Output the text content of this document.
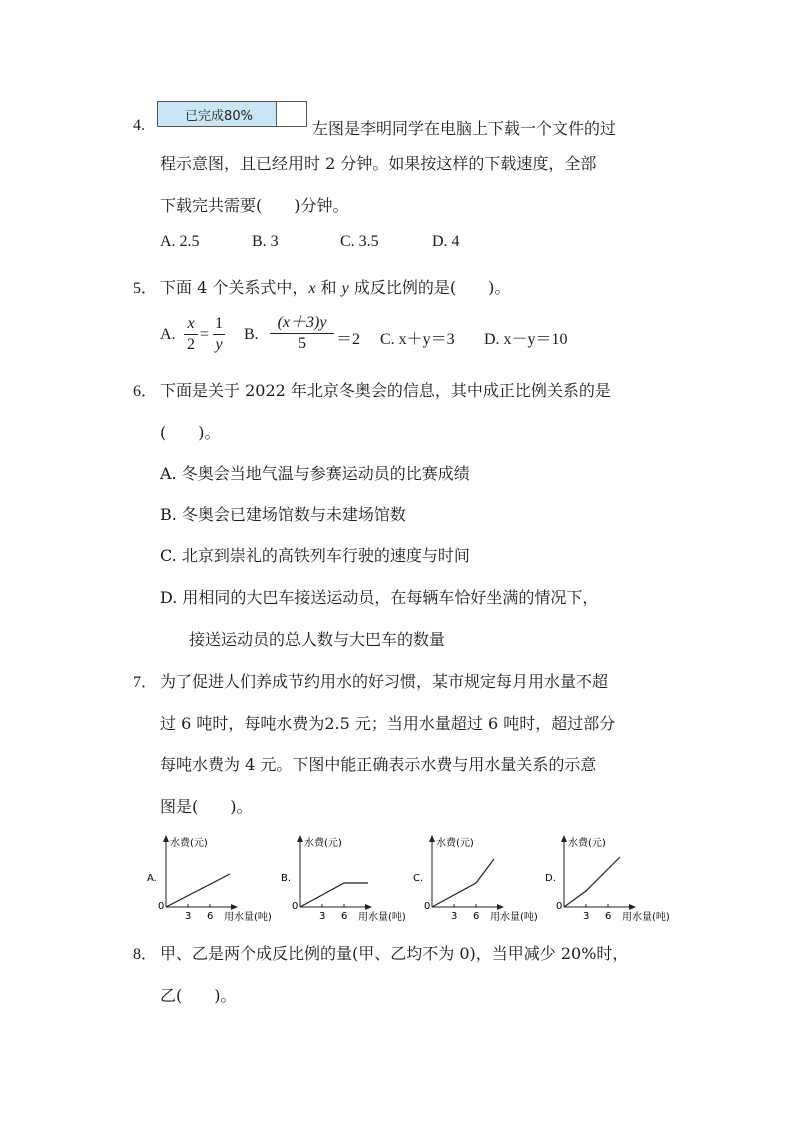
4.
已完成80%
左图是李明同学在电脑上下载一个文件的过
程示意图，且已经用时 2 分钟。如果按这样的下载速度，全部
下载完共需要(　　)分钟。
A. 2.5	B. 3	C. 3.5	D. 4
5． 下面 4 个关系式中，x 和 y 成反比例的是(　　)。
A.
x
2
=
1
y
B.
(x＋3)y
5	＝2 C. x＋y＝3 D. x－y＝10
6． 下面是关于 2022 年北京冬奥会的信息，其中成正比例关系的是
(　　)。
A. 冬奥会当地气温与参赛运动员的比赛成绩
B. 冬奥会已建场馆数与未建场馆数
C. 北京到崇礼的高铁列车行驶的速度与时间
D. 用相同的大巴车接送运动员，在每辆车恰好坐满的情况下，
接送运动员的总人数与大巴车的数量
7． 为了促进人们养成节约用水的好习惯，某市规定每月用水量不超
过 6 吨时，每吨水费为2.5 元；当用水量超过 6 吨时，超过部分
每吨水费为 4 元。下图中能正确表示水费与用水量关系的示意
图是(　　)。
水费(元)
A.
0
3 6 用水量(吨)
水费(元)
B.
0
3 6 用水量(吨)
水费(元)
C.
0
3 6 用水量(吨)
水费(元)
D.
0
3 6 用水量(吨)
8． 甲、乙是两个成反比例的量(甲、乙均不为 0)，当甲减少 20%时，
乙(　　)。
